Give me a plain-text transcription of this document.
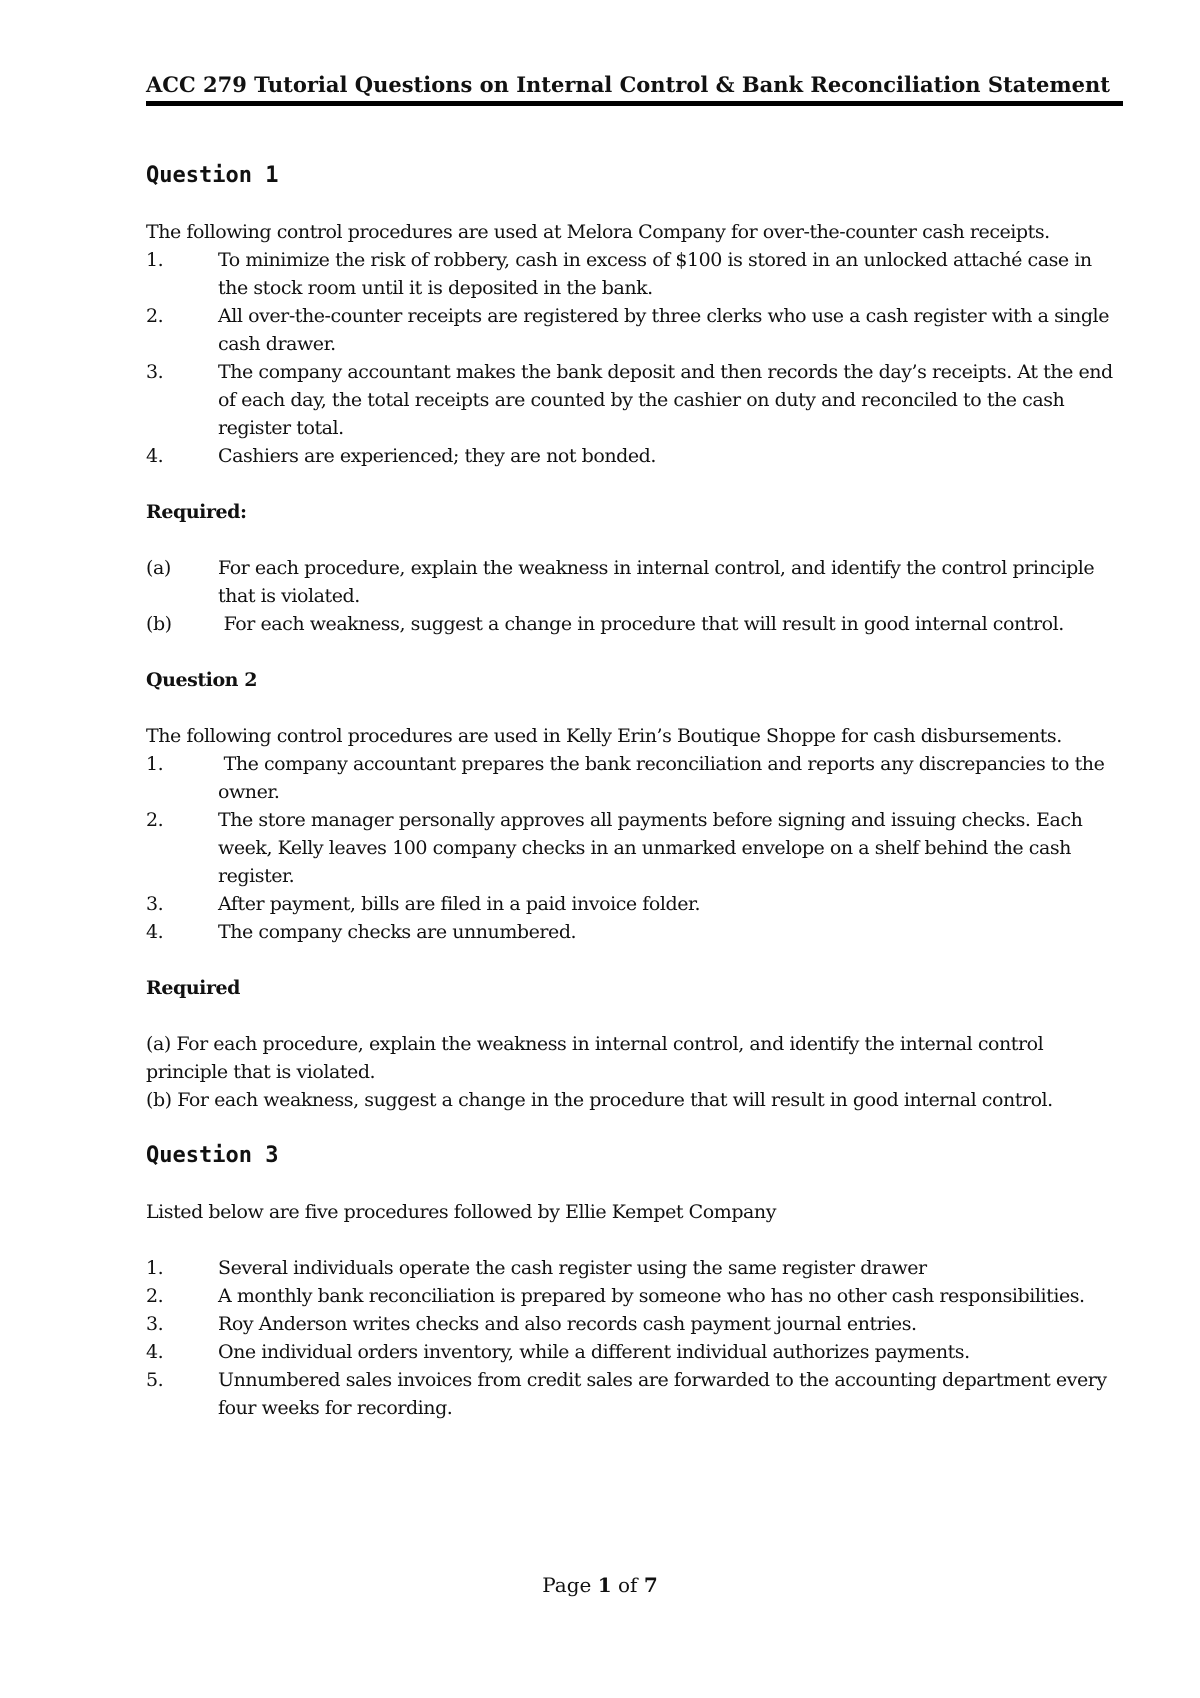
ACC 279 Tutorial Questions on Internal Control & Bank Reconciliation Statement
Question 1

The following control procedures are used at Melora Company for over-the-counter cash receipts.

1.	To minimize the risk of robbery, cash in excess of $100 is stored in an unlocked attaché case in the stock room until it is deposited in the bank.
2.	All over-the-counter receipts are registered by three clerks who use a cash register with a single cash drawer.
3.	The company accountant makes the bank deposit and then records the day’s receipts. At the end of each day, the total receipts are counted by the cashier on duty and reconciled to the cash register total.
4.	Cashiers are experienced; they are not bonded.
Required:
(a)	For each procedure, explain the weakness in internal control, and identify the control principle that is violated.
(b)	For each weakness, suggest a change in procedure that will result in good internal control.
Question 2

The following control procedures are used in Kelly Erin’s Boutique Shoppe for cash disbursements.

1.	The company accountant prepares the bank reconciliation and reports any discrepancies to the owner.
2.	The store manager personally approves all payments before signing and issuing checks. Each week, Kelly leaves 100 company checks in an unmarked envelope on a shelf behind the cash register.
3.	After payment, bills are filed in a paid invoice folder.
4.	The company checks are unnumbered.
Required

(a) For each procedure, explain the weakness in internal control, and identify the internal control principle that is violated.

(b) For each weakness, suggest a change in the procedure that will result in good internal control.

Question 3

Listed below are five procedures followed by Ellie Kempet Company

1.	Several individuals operate the cash register using the same register drawer
2.	A monthly bank reconciliation is prepared by someone who has no other cash responsibilities.
3.	Roy Anderson writes checks and also records cash payment journal entries.
4.	One individual orders inventory, while a different individual authorizes payments.
5.	Unnumbered sales invoices from credit sales are forwarded to the accounting department every four weeks for recording.
Page 1 of 7
